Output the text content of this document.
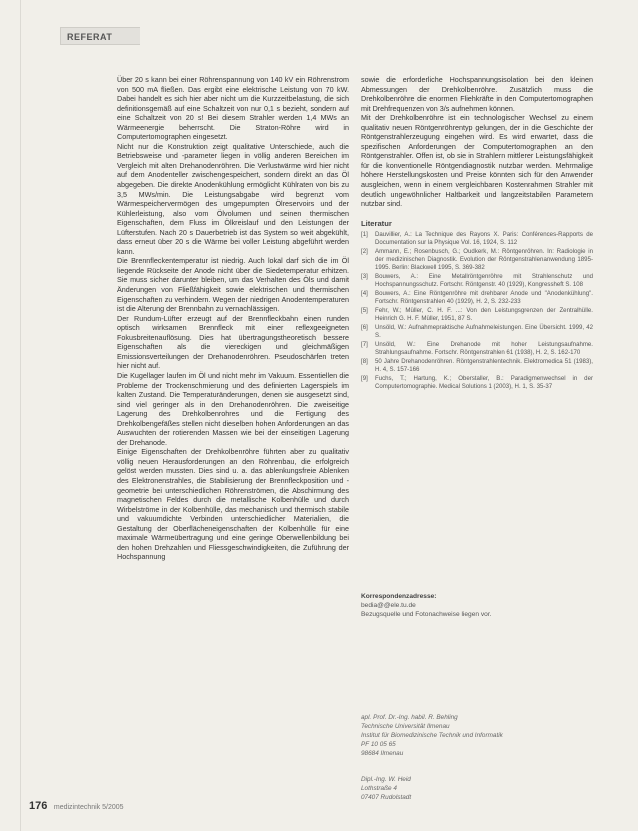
REFERAT

Über 20 s kann bei einer Röhrenspannung von 140 kV ein Röhrenstrom von 500 mA fließen. Das ergibt eine elektrische Leistung von 70 kW. Dabei handelt es sich hier aber nicht um die Kurzzeitbelastung, die sich definitionsgemäß auf eine Schaltzeit von nur 0,1 s bezieht, sondern auf eine Schaltzeit von 20 s! Bei diesem Strahler werden 1,4 MWs an Wärmeenergie beherrscht. Die Straton-Röhre wird in Computertomographen eingesetzt.

Nicht nur die Konstruktion zeigt qualitative Unterschiede, auch die Betriebsweise und -parameter liegen in völlig anderen Bereichen im Vergleich mit alten Drehanodenröhren. Die Verlustwärme wird hier nicht auf dem Anodenteller zwischengespeichert, sondern direkt an das Öl abgegeben. Die direkte Anodenkühlung ermöglicht Kühlraten von bis zu 3,5 MWs/min. Die Leistungsabgabe wird begrenzt vom Wärmespeichervermögen des umgepumpten Ölreservoirs und der Kühlerleistung, also vom Ölvolumen und seinen thermischen Eigenschaften, dem Fluss im Ölkreislauf und den Leistungen der Lüfterstufen. Nach 20 s Dauerbetrieb ist das System so weit abgekühlt, dass erneut über 20 s die Wärme bei voller Leistung abgeführt werden kann.

Die Brennfleckentemperatur ist niedrig. Auch lokal darf sich die im Öl liegende Rückseite der Anode nicht über die Siedetemperatur erhitzen. Sie muss sicher darunter bleiben, um das Verhalten des Öls und damit Änderungen von Fließfähigkeit sowie elektrischen und thermischen Eigenschaften zu verhindern. Wegen der niedrigen Anodentemperaturen ist die Alterung der Brennbahn zu vernachlässigen.

Der Rundum-Lüfter erzeugt auf der Brennfleckbahn einen runden optisch wirksamen Brennfleck mit einer reflexgeeigneten Fokusbreitenauflösung. Dies hat übertragungstheoretisch bessere Eigenschaften als die viereckigen und gleichmäßigen Emissionsverteilungen der Drehanodenröhren. Pseudoschärfen treten hier nicht auf.

Die Kugellager laufen im Öl und nicht mehr im Vakuum. Essentiellen die Probleme der Trockenschmierung und des definierten Lagerspiels im kalten Zustand. Die Temperaturänderungen, denen sie ausgesetzt sind, sind viel geringer als in den Drehanodenröhren. Die zweiseitige Lagerung des Drehkolbenrohres und die Fertigung des Drehkolbengefäßes stellen nicht dieselben hohen Anforderungen an das Auswuchten der rotierenden Massen wie bei der einseitigen Lagerung der Drehanode.

Einige Eigenschaften der Drehkolbenröhre führten aber zu qualitativ völlig neuen Herausforderungen an den Röhrenbau, die erfolgreich gelöst werden mussten. Dies sind u. a. das ablenkungsfreie Ablenken des Elektronenstrahles, die Stabilisierung der Brennfleckposition und -geometrie bei unterschiedlichen Röhrenströmen, die Abschirmung des magnetischen Feldes durch die metallische Kolbenhülle und durch Wirbelströme in der Kolbenhülle, das mechanisch und thermisch stabile und vakuumdichte Verbinden unterschiedlicher Materialien, die Gestaltung der Oberflächeneigenschaften der Kolbenhülle für eine maximale Wärmeübertragung und eine geringe Oberwellenbildung bei den hohen Drehzahlen und Fliessgeschwindigkeiten, die Zuführung der Hochspannung

sowie die erforderliche Hochspannungsisolation bei den kleinen Abmessungen der Drehkolbenröhre. Zusätzlich muss die Drehkolbenröhre die enormen Fliehkräfte in den Computertomographen mit Drehfrequenzen von 3/s aufnehmen können.

Mit der Drehkolbenröhre ist ein technologischer Wechsel zu einem qualitativ neuen Röntgenröhrentyp gelungen, der in die Geschichte der Röntgenstrahlerzeugung eingehen wird. Es wird erwartet, dass die spezifischen Anforderungen der Computertomographen an den Röntgenstrahler. Offen ist, ob sie in Strahlern mittlerer Leistungsfähigkeit für die konventionelle Röntgendiagnostik nutzbar werden. Mehrmalige höhere Herstellungskosten und Preise könnten sich für den Anwender ausgleichen, wenn in einem vergleichbaren Kostenrahmen Strahler mit deutlich ungewöhnlicher Haltbarkeit und langzeitstabilen Parametern nutzbar sind.

Literatur
[1]	Dauvillier, A.: La Technique des Rayons X. Paris: Conférences-Rapports de Documentation sur la Physique Vol. 16, 1924, S. 112
[2]	Ammann, E.; Rosenbusch, G.; Oudkerk, M.: Röntgenröhren. In: Radiologie in der medizinischen Diagnostik. Evolution der Röntgenstrahlenanwendung 1895-1995. Berlin: Blackwell 1995, S. 369-382
[3]	Bouwers, A.: Eine Metallröntgenröhre mit Strahlenschutz und Hochspannungsschutz. Fortschr. Röntgenstr. 40 (1929), Kongressheft S. 108
[4]	Bouwers, A.: Eine Röntgenröhre mit drehbarer Anode und "Anodenkühlung". Fortschr. Röntgenstrahlen 40 (1929), H. 2, S. 232-233
[5]	Fehr, W.; Müller, C. H. F. ...: Von den Leistungsgrenzen der Zentralhülle. Heinrich G. H. F. Müller, 1951, 87 S.
[6]	Unsöld, W.: Aufnahmepraktische Aufnahmeleistungen. Eine Übersicht. 1999, 42 S.
[7]	Unsöld, W.: Eine Drehanode mit hoher Leistungsaufnahme. Strahlungsaufnahme. Fortschr. Röntgenstrahlen 61 (1938), H. 2, S. 162-170
[8]	50 Jahre Drehanodenröhren. Röntgenstrahlentechnik. Elektromedica 51 (1983), H. 4, S. 157-166
[9]	Fuchs, T.; Hartung, K.; Oberstaller, B.: Paradigmenwechsel in der Computertomographie. Medical Solutions 1 (2003), H. 1, S. 35-37
Korrespondenzadresse:
bedia@@ele.tu.de
Bezugsquelle und Fotonachweise liegen vor.
apl. Prof. Dr.-Ing. habil. R. Behling
Technische Universität Ilmenau
Institut für Biomedizinische Technik und Informatik
PF 10 05 65
98684 Ilmenau
Dipl.-Ing. W. Heid
Lothstraße 4
07407 Rudolstadt
176 medizintechnik 5/2005
